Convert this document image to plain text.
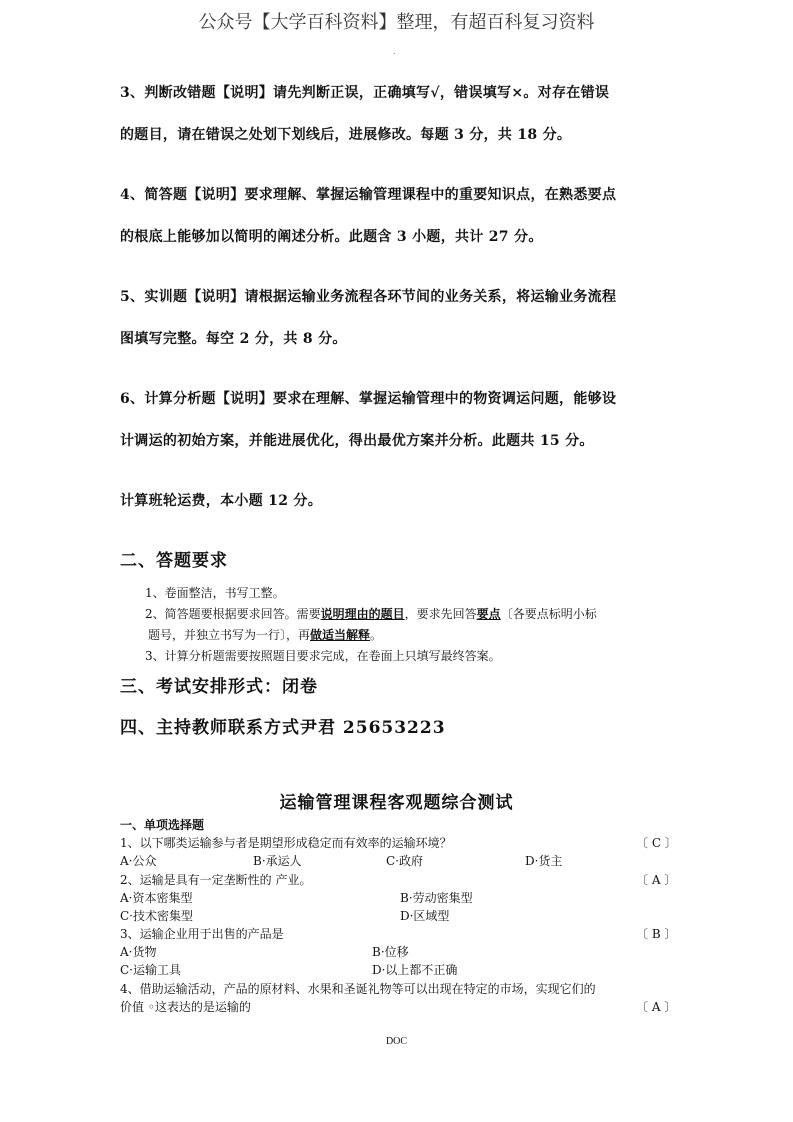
公众号【大学百科资料】整理，有超百科复习资料
.
3、判断改错题【说明】请先判断正误，正确填写√，错误填写×。对存在错误
的题目，请在错误之处划下划线后，进展修改。每题 3 分，共 18 分。
4、简答题【说明】要求理解、掌握运输管理课程中的重要知识点，在熟悉要点
的根底上能够加以简明的阐述分析。此题含 3 小题，共计 27 分。
5、实训题【说明】请根据运输业务流程各环节间的业务关系，将运输业务流程
图填写完整。每空 2 分，共 8 分。
6、计算分析题【说明】要求在理解、掌握运输管理中的物资调运问题，能够设
计调运的初始方案，并能进展优化，得出最优方案并分析。此题共 15 分。
计算班轮运费，本小题 12 分。
二、答题要求
1、卷面整洁，书写工整。
2、简答题要根据要求回答。需要说明理由的题目，要求先回答要点〔各要点标明小标
题号，并独立书写为一行〕，再做适当解释。
3、计算分析题需要按照题目要求完成，在卷面上只填写最终答案。
三、考试安排形式：闭卷
四、主持教师联系方式尹君 25653223
运输管理课程客观题综合测试
一、单项选择题
1、以下哪类运输参与者是期望形成稳定而有效率的运输环境？	〔 C 〕
A·公众	B·承运人	C·政府	D·货主
2、运输是具有一定垄断性的 产业。	〔 A 〕
A·资本密集型	B·劳动密集型
C·技术密集型	D·区域型
3、运输企业用于出售的产品是	〔 B 〕
A·货物	B·位移
C·运输工具	D·以上都不正确
4、借助运输活动，产品的原材料、水果和圣诞礼物等可以出现在特定的市场，实现它们的
价值 ◦这表达的是运输的	〔 A 〕
DOC
